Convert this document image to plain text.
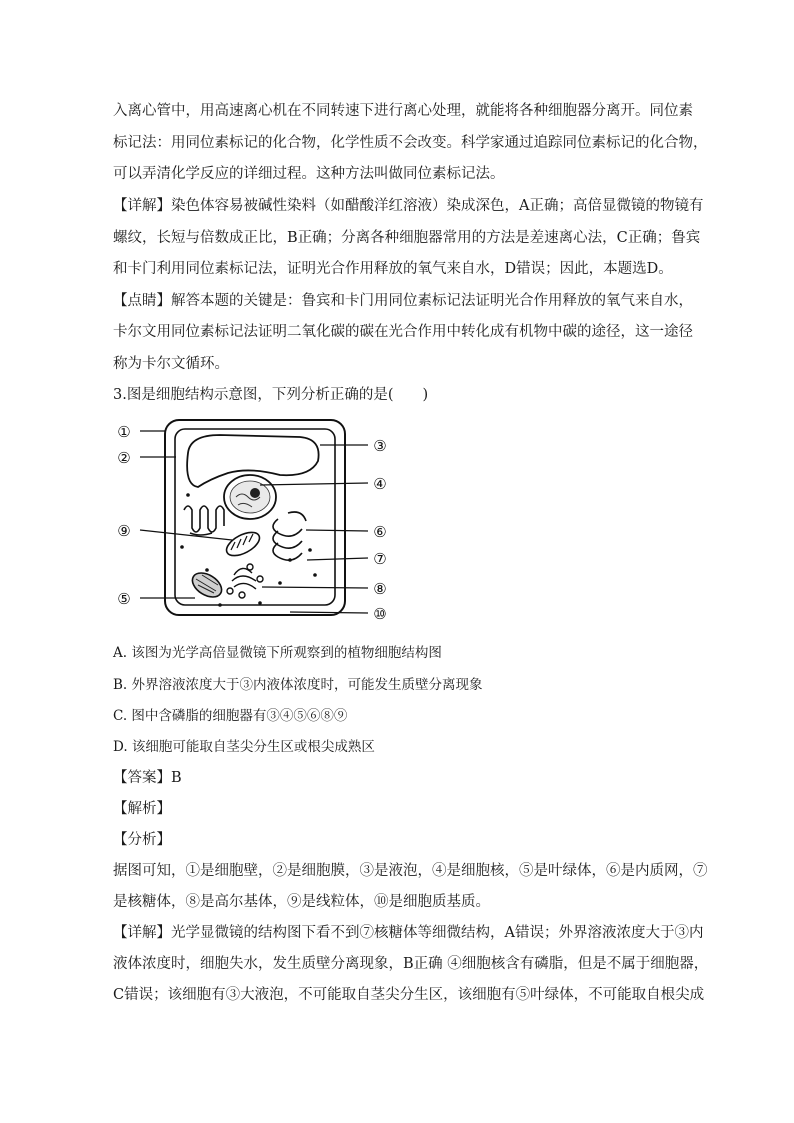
入离心管中，用高速离心机在不同转速下进行离心处理，就能将各种细胞器分离开。同位素
标记法：用同位素标记的化合物，化学性质不会改变。科学家通过追踪同位素标记的化合物，
可以弄清化学反应的详细过程。这种方法叫做同位素标记法。
【详解】染色体容易被碱性染料（如醋酸洋红溶液）染成深色，A正确；高倍显微镜的物镜有
螺纹，长短与倍数成正比，B正确；分离各种细胞器常用的方法是差速离心法，C正确；鲁宾
和卡门利用同位素标记法，证明光合作用释放的氧气来自水，D错误；因此，本题选D。
【点睛】解答本题的关键是：鲁宾和卡门用同位素标记法证明光合作用释放的氧气来自水，
卡尔文用同位素标记法证明二氧化碳的碳在光合作用中转化成有机物中碳的途径，这一途径
称为卡尔文循环。
3.图是细胞结构示意图，下列分析正确的是(　　)
①
②
③
④
⑤
⑥
⑦
⑧
⑨
⑩
A. 该图为光学高倍显微镜下所观察到的植物细胞结构图
B. 外界溶液浓度大于③内液体浓度时，可能发生质壁分离现象
C. 图中含磷脂的细胞器有③④⑤⑥⑧⑨
D. 该细胞可能取自茎尖分生区或根尖成熟区
【答案】B
【解析】
【分析】
据图可知，①是细胞壁，②是细胞膜，③是液泡，④是细胞核，⑤是叶绿体，⑥是内质网，⑦
是核糖体，⑧是高尔基体，⑨是线粒体，⑩是细胞质基质。
【详解】光学显微镜的结构图下看不到⑦核糖体等细微结构，A错误；外界溶液浓度大于③内
液体浓度时，细胞失水，发生质壁分离现象，B正确 ④细胞核含有磷脂，但是不属于细胞器，
C错误；该细胞有③大液泡，不可能取自茎尖分生区，该细胞有⑤叶绿体，不可能取自根尖成
